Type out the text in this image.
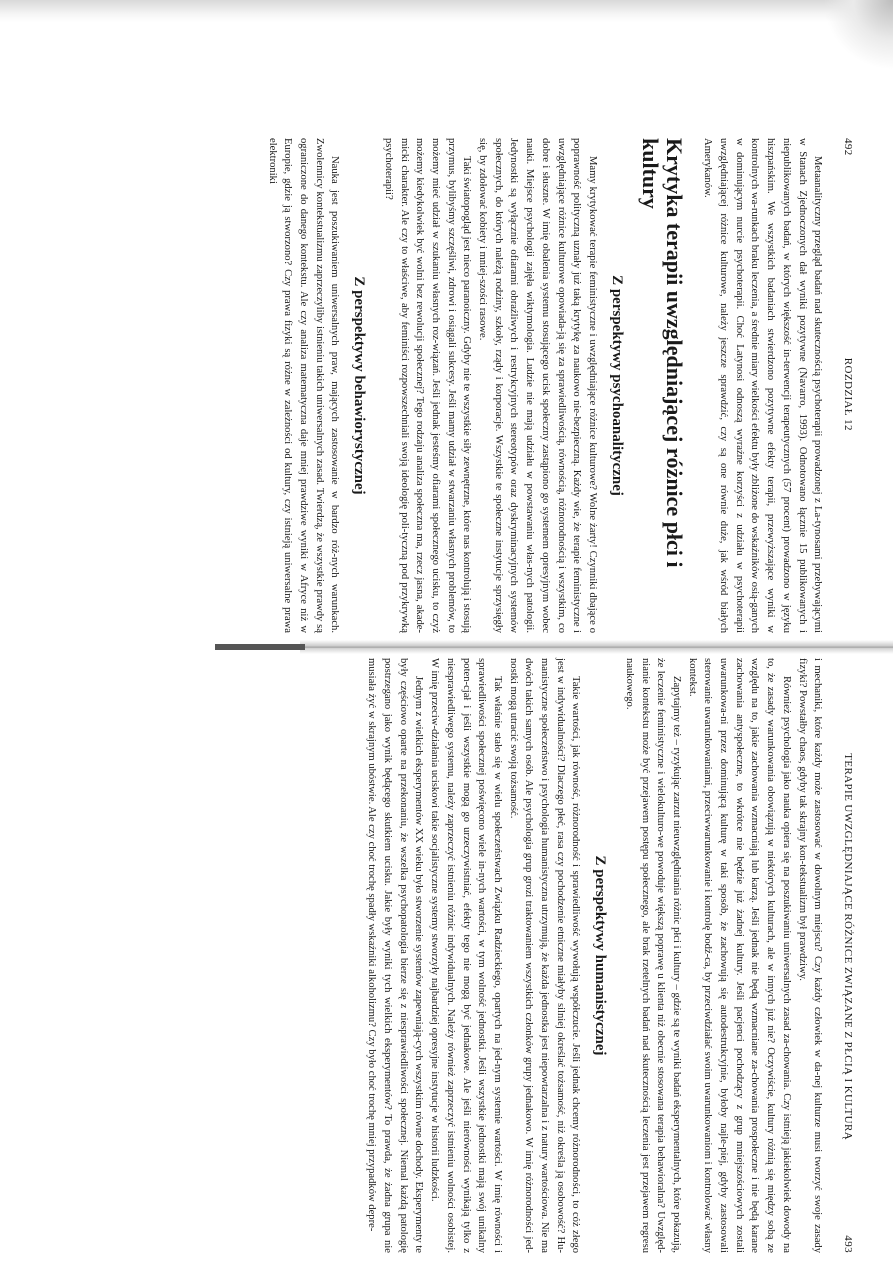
492
ROZDZIAŁ 12

Metaanalityczny przegląd badań nad skutecznością psychoterapii prowadzonej z La-tynosami przebywającymi w Stanach Zjednoczonych dał wyniki pozytywne (Navarro, 1993). Odnotowano łącznie 15 publikowanych i niepublikowanych badań, w których większość in-terwencji terapeutycznych (57 procent) prowadzono w języku hiszpańskim. We wszystkich badaniach stwierdzono pozytywne efekty terapii, przewyższające wyniki w kontrolnych wa-runkach braku leczenia, a średnie miary wielkości efektu były zbliżone do wskaźników osią-ganych w dominującym nurcie psychoterapii. Choć Latynosi odnoszą wyraźne korzyści z udziału w psychoterapii uwzględniającej różnice kulturowe, należy jeszcze sprawdzić, czy są one równie duże, jak wśród białych Amerykanów.

Krytyka terapii uwzględniającej różnice płci i kultury
Z perspektywy psychoanalitycznej

Mamy krytykować terapie feministyczne i uwzględniające różnice kulturowe? Wolne żarty! Czynniki dbające o poprawność polityczną uznały już taką krytykę za naukowo nie-bezpieczną. Każdy wie, że terapie feministyczne i uwzględniające różnice kulturowe opowiada-ją się za sprawiedliwością, równością, różnorodnością i wszystkim, co dobre i słuszne. W imię obalenia systemu stosującego ucisk społeczny zastąpiono go systemem opresyjnym wobec nauki. Miejsce psychologii zajęła wiktymologia. Ludzie nie mają udziału w powstawaniu włas-nych patologii. Jedynostki są wyłącznie ofiarami obraźliwych i restrykcyjnych stereotypów oraz dyskryminacyjnych systemów społecznych, do których należą rodziny, szkoły, rządy i korporacje. Wszystkie te społeczne instytucje sprzysięgły się, by zdołować kobiety i mniej-szości rasowe.

Taki światopogląd jest nieco paranoiczny. Gdyby nie te wszystkie siły zewnętrzne, które nas kontrolują i stosują przymus, bylibyśmy szczęśliwi, zdrowi i osiągali sukcesy. Jeśli mamy udział w stwarzaniu własnych problemów, to możemy mieć udział w szukaniu własnych roz-wiązań. Jeśli jednak jesteśmy ofiarami społecznego ucisku, to czyż możemy kiedykolwiek być wolni bez rewolucji społecznej? Tego rodzaju analiza społeczna ma, rzecz jasna, akade-micki charakter. Ale czy to właściwe, aby feminiści rozpowszechniali swoją ideologię poli-tyczną pod przykrywką psychoterapii?

Z perspektywy behawiorystycznej

Nauka jest poszukiwaniem uniwersalnych praw, mających zastosowanie w bardzo róż-nych warunkach. Zwolennicy kontekstualizmu zaprzeczyliby istnieniu takich uniwersalnych zasad. Twierdzą, że wszystkie prawdy są ograniczone do danego kontekstu. Ale czy analiza matematyczna daje mniej prawdziwe wyniki w Afryce niż w Europie, gdzie ją stworzono? Czy prawa fizyki są różne w zależności od kultury, czy istnieją uniwersalne prawa elektroniki

TERAPIE UWZGLĘDNIAJĄCE RÓŻNICE ZWIĄZANE Z PŁCIĄ I KULTURĄ
493

i mechaniki, które każdy może zastosować w dowolnym miejscu? Czy każdy człowiek w da-nej kulturze musi tworzyć swoje zasady fizyki? Powstałby chaos, gdyby tak skrajny kon-tekstualizm był prawdziwy.

Również psychologia jako nauka opiera się na poszukiwaniu uniwersalnych zasad za-chowania. Czy istnieją jakiekolwiek dowody na to, że zasady warunkowania obowiązują w niektórych kulturach, ale w innych już nie? Oczywiście, kultury różnią się między sobą ze względu na to, jakie zachowania wzmacniają lub karzą. Jeśli jednak nie będą wzmacniane za-chowania prospołeczne i nie będą karane zachowania antyspołeczne, to wkrótce nie będzie już żadnej kultury. Jeśli pacjenci pochodzący z grup mniejszościowych zostali uwarunkowa-ni przez dominującą kulturę w taki sposób, że zachowują się autodestrukcyjnie, byłoby najle-piej, gdyby zastosowali sterowanie uwarunkowaniami, przeciwwarunkowanie i kontrolę bodź-ca, by przeciwdziałać swoim uwarunkowaniom i kontrolować własny kontekst.

Zapytajmy też – ryzykując zarzut nieuwzględniania różnic płci i kultury – gdzie są te wyniki badań eksperymentalnych, które pokazują, że leczenie feministyczne i wielokulturo-we powoduje większą poprawę u klienta niż obecnie stosowana terapia behawioralna? Uwzględ-nianie kontekstu może być przejawem postępu społecznego, ale brak rzetelnych badań nad skutecznością leczenia jest przejawem regresu naukowego.

Z perspektywy humanistycznej

Takie wartości, jak równość, różnorodność i sprawiedliwość wywołują współczucie. Jeśli jednak chcemy różnorodności, to cóż złego jest w indywidualności? Dlaczego płeć, rasa czy pochodzenie etniczne miałyby silniej określać tożsamość, niż określa ją osobowość? Hu-manistyczne społeczeństwo i psychologia humanistyczna utrzymują, że każda jednostka jest niepowtarzalna i z natury wartościowa. Nie ma dwóch takich samych osób. Ale psychologia grup grozi traktowaniem wszystkich członków grupy jednakowo. W imię różnorodności jed-nostki mogą utracić swoją tożsamość.

Tak właśnie stało się w wielu społeczeństwach Związku Radzieckiego, opartych na jed-nym systemie wartości. W imię równości i sprawiedliwości społecznej poświęcono wiele in-nych wartości, w tym wolność jednostki. Jeśli wszystkie jednostki mają swój unikalny poten-cjał i jeśli wszystkie mogą go urzeczywistniać, efekty tego nie mogą być jednakowe. Ale jeśli nierówności wynikają tylko z niesprawiedliwego systemu, należy zaprzeczyć istnieniu różnic indywidualnych. Należy również zaprzeczyć istnieniu wolności osobistej. W imię przeciw-działania uciskowi takie socjalistyczne systemy stworzyły najbardziej opresyjne instytucje w historii ludzkości.

Jednym z wielkich eksperymentów XX wieku było stworzenie systemów zapewniają-cych wszystkim równe dochody. Eksperymenty te były częściowo oparte na przekonaniu, że wszelka psychopatologia bierze się z niesprawiedliwości społecznej. Niemal każdą patologię postrzegano jako wynik będącego skutkiem ucisku. Jakie były wyniki tych wielkich eksperymentów? To prawda, że żadna grupa nie musiała żyć w skrajnym ubóstwie. Ale czy choć trochę spadły wskaźniki alkoholizmu? Czy było choć trochę mniej przypadków depre-
